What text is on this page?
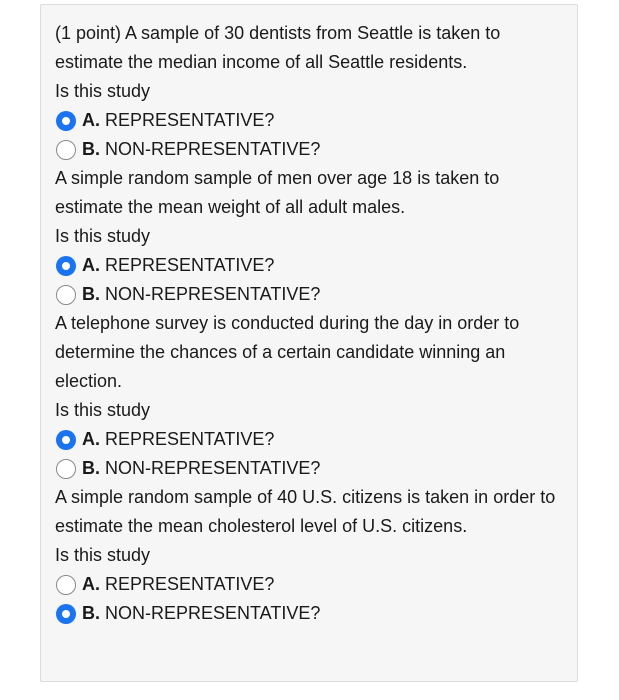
(1 point) A sample of 30 dentists from Seattle is taken to estimate the median income of all Seattle residents.

Is this study
A. REPRESENTATIVE?
B. NON-REPRESENTATIVE?

A simple random sample of men over age 18 is taken to estimate the mean weight of all adult males.

Is this study
A. REPRESENTATIVE?
B. NON-REPRESENTATIVE?

A telephone survey is conducted during the day in order to determine the chances of a certain candidate winning an election.

Is this study
A. REPRESENTATIVE?
B. NON-REPRESENTATIVE?

A simple random sample of 40 U.S. citizens is taken in order to estimate the mean cholesterol level of U.S. citizens.

Is this study
A. REPRESENTATIVE?
B. NON-REPRESENTATIVE?
